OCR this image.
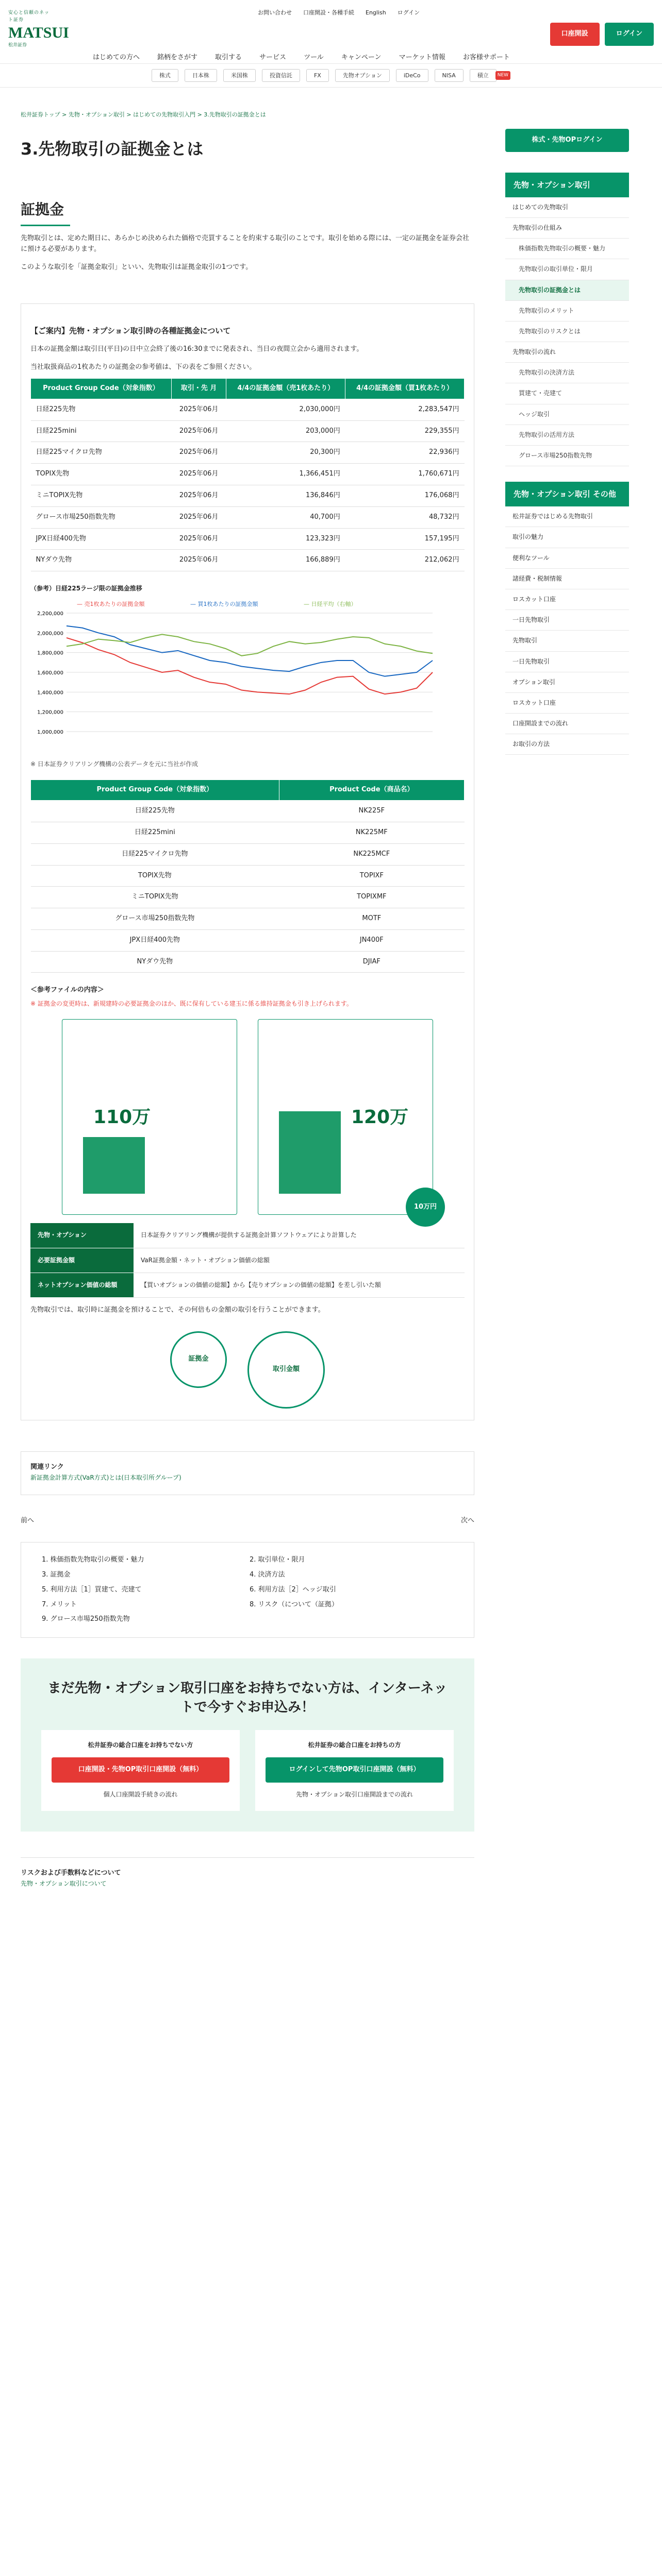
安心と信頼のネット証券
MATSUI
松井証券
お問い合わせ 口座開設・各種手続 English ログイン
口座開設	ログイン
はじめての方へ	銘柄をさがす	取引する	サービス	ツール	キャンペーン	マーケット情報	お客様サポート
株式	日本株	米国株	投資信託	FX	先物オプション	iDeCo	NISA	積立	NEW
松井証券トップ > 先物・オプション取引 > はじめての先物取引入門 > 3.先物取引の証拠金とは
3.先物取引の証拠金とは
証拠金

先物取引とは、定めた期日に、あらかじめ決められた価格で売買することを約束する取引のことです。取引を始める際には、一定の証拠金を証券会社に預ける必要があります。

このような取引を「証拠金取引」といい、先物取引は証拠金取引の1つです。

【ご案内】先物・オプション取引時の各種証拠金について

日本の証拠金額は取引日(平日)の日中立会終了後の16:30までに発表され、当日の夜間立会から適用されます。

当社取扱商品の1枚あたりの証拠金の参考値は、下の表をご参照ください。

Product Group Code（対象指数）	取引・先 月	4/4の証拠金額（売1枚あたり）	4/4の証拠金額（買1枚あたり）
日経225先物	2025年06月	2,030,000円	2,283,547円
日経225mini	2025年06月	203,000円	229,355円
日経225マイクロ先物	2025年06月	20,300円	22,936円
TOPIX先物	2025年06月	1,366,451円	1,760,671円
ミニTOPIX先物	2025年06月	136,846円	176,068円
グロース市場250指数先物	2025年06月	40,700円	48,732円
JPX日経400先物	2025年06月	123,323円	157,195円
NYダウ先物	2025年06月	166,889円	212,062円
（参考）日経225ラージ限の証拠金推移
1,000,000
1,200,000
1,400,000
1,600,000
1,800,000
2,000,000
2,200,000
— 売1枚あたりの証拠金額	— 買1枚あたりの証拠金額	— 日経平均（右軸）
※ 日本証券クリアリング機構の公表データを元に当社が作成
Product Group Code（対象指数）	Product Code（商品名）
日経225先物	NK225F
日経225mini	NK225MF
日経225マイクロ先物	NK225MCF
TOPIX先物	TOPIXF
ミニTOPIX先物	TOPIXMF
グロース市場250指数先物	MOTF
JPX日経400先物	JN400F
NYダウ先物	DJIAF
＜参考ファイルの内容＞
※ 証拠金の変更時は、新規建時の必要証拠金のほか、既に保有している建玉に係る維持証拠金も引き上げられます。
110万	120万
10万円
先物・オプション	日本証券クリアリング機構が提供する証拠金計算ソフトウェアにより計算した
必要証拠金額	VaR証拠金額・ネット・オプション価値の総額
ネットオプション価値の総額	【買いオプションの価値の総額】から【売りオプションの価値の総額】を差し引いた額

先物取引では、取引時に証拠金を預けることで、その何倍もの金額の取引を行うことができます。

証拠金
取引金額
関連リンク
新証拠金計算方式(VaR方式)とは(日本取引所グループ)
前へ	次へ
1. 株価指数先物取引の概要・魅力	2. 取引単位・限月
3. 証拠金	4. 決済方法
5. 利用方法［1］買建て、売建て	6. 利用方法［2］ヘッジ取引
7. メリット	8. リスク（について（証拠）
9. グロース市場250指数先物
まだ先物・オプション取引口座をお持ちでない方は、インターネットで今すぐお申込み！
松井証券の総合口座をお持ちでない方
口座開設・先物OP取引口座開設（無料）
個人口座開設手続きの流れ
松井証券の総合口座をお持ちの方
ログインして先物OP取引口座開設（無料）
先物・オプション取引口座開設までの流れ
リスクおよび手数料などについて
先物・オプション取引について
株式・先物OPログイン
先物・オプション取引
はじめての先物取引
先物取引の仕組み
株価指数先物取引の概要・魅力
先物取引の取引単位・限月
先物取引の証拠金とは
先物取引のメリット
先物取引のリスクとは
先物取引の流れ
先物取引の決済方法
買建て・売建て
ヘッジ取引
先物取引の活用方法
グロース市場250指数先物
先物・オプション取引 その他
松井証券ではじめる先物取引
取引の魅力
便利なツール
諸経費・税制情報
ロスカット口座
一日先物取引
先物取引
一日先物取引
オプション取引
ロスカット口座
口座開設までの流れ
お取引の方法
